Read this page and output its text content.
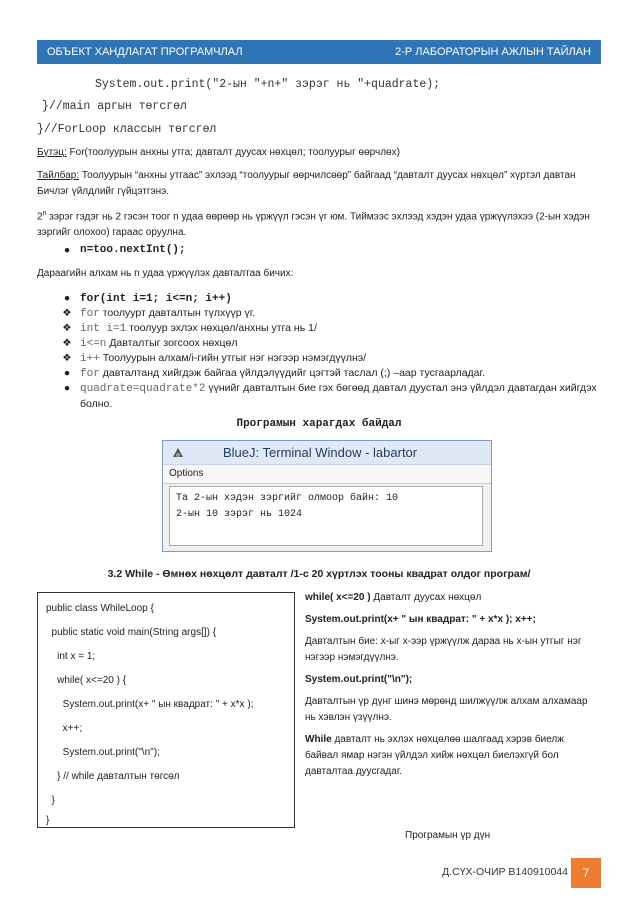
ОБЪЕКТ ХАНДЛАГАТ ПРОГРАМЧЛАЛ	2-Р ЛАБОРАТОРЫН АЖЛЫН ТАЙЛАН
System.out.print("2-ын "+n+" зэрэг нь "+quadrate);
}//main аргын төгсгөл
}//ForLoop классын төгсгөл
Бүтэц: For(тоолуурын анхны утга; давталт дуусах нөхцөл; тоолуурыг өөрчлөх)
Тайлбар: Тоолуурын “анхны утгаас” эхлээд “тоолуурыг өөрчилсөөр” байгаад “давталт дуусах нөхцөл” хүртэл давтан Бичлэг үйлдлийг гүйцэтгэнэ.
2$^n$ зэрэг гэдэг нь 2 гэсэн тоог n удаа өөрөөр нь үржүүл гэсэн үг юм. Тиймээс эхлээд хэдэн удаа үржүүлэхээ (2-ын хэдэн зэргийг олохоо) гараас оруулна.
● n=too.nextInt();
Дараагийн алхам нь n удаа үржүүлэх давталтаа бичих:
● for(int i=1; i<=n; i++)
❖ for тоолуурт давталтын түлхүүр үг.
❖ int i=1 тоолуур эхлэх нөхцөл/анхны утга нь 1/
❖ i<=n Давталтыг зогсоох нөхцөл
❖ i++ Тоолуурын алхам/i-гийн утгыг нэг нэгээр нэмэгдүүлнэ/
● for давталтанд хийгдэж байгаа үйлдэлүүдийг цэгтэй таслал (;) –аар тусгаарладаг.
● quadrate=quadrate*2 үүнийг давталтын бие гэх бөгөөд давтал дуустал энэ үйлдэл давтагдан хийгдэх болно.
Програмын харагдах байдал
BlueJ: Terminal Window - labartor
Options
Та 2-ын хэдэн зэргийг олмоор байн: 10
2-ын 10 зэрэг нь 1024
3.2 While - Өмнөх нөхцөлт давталт /1-с 20 хүртлэх тооны квадрат олдог програм/
public class WhileLoop {
public static void main(String args[]) {
int x = 1;
while( x<=20 ) {
System.out.print(x+ " ын квадрат: " + x*x );
x++;
System.out.print("\n");
} // while давталтын төгсөл
}
}
while( x<=20 ) Давталт дуусах нөхцөл
System.out.print(x+ " ын квадрат: " + x*x ); x++;
Давталтын бие: х-ыг х-ээр үржүүлж дараа нь х-ын утгыг нэг нэгээр нэмэгдүүлнэ.
System.out.print("\n");
Давталтын үр дүнг шинэ мөрөнд шилжүүлж алхам алхамаар нь хэвлэн үзүүлнэ.
While давталт нь эхлэх нөхцөлөө шалгаад хэрэв биелж байвал ямар нэгэн үйлдэл хийж нөхцөл биелэхгүй бол давталтаа дуусгадаг.
Програмын үр дүн
Д.СҮХ-ОЧИР В140910044	7
